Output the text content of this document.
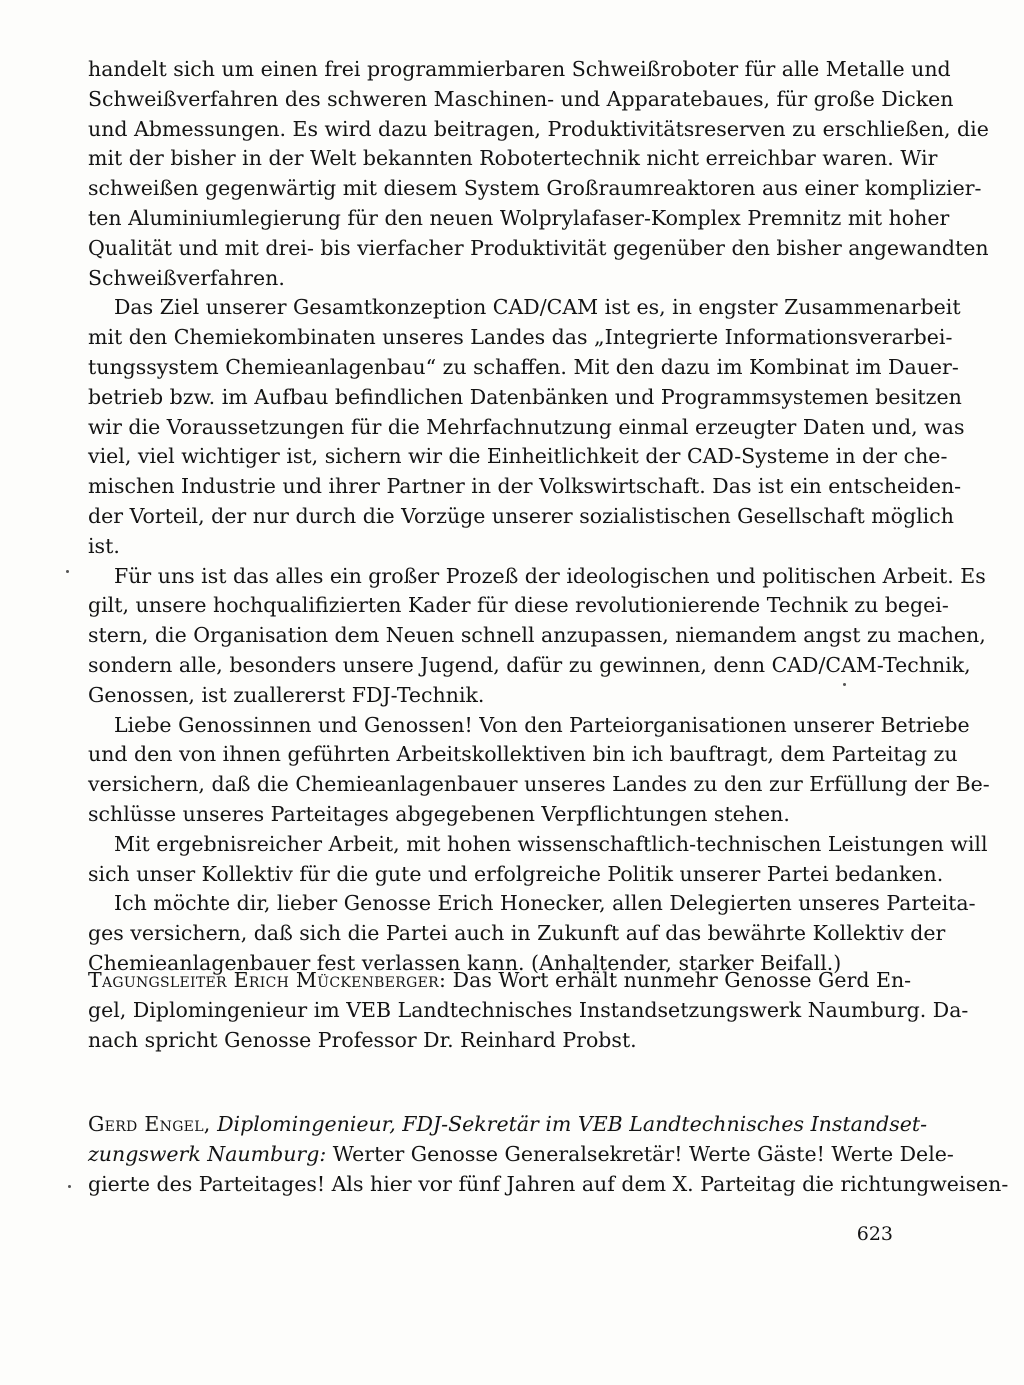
handelt sich um einen frei programmierbaren Schweißroboter für alle Metalle und
Schweißverfahren des schweren Maschinen- und Apparatebaues, für große Dicken
und Abmessungen. Es wird dazu beitragen, Produktivitätsreserven zu erschließen, die
mit der bisher in der Welt bekannten Robotertechnik nicht erreichbar waren. Wir
schweißen gegenwärtig mit diesem System Großraumreaktoren aus einer komplizier-
ten Aluminiumlegierung für den neuen Wolprylafaser-Komplex Premnitz mit hoher
Qualität und mit drei- bis vierfacher Produktivität gegenüber den bisher angewandten
Schweißverfahren.
Das Ziel unserer Gesamtkonzeption CAD/CAM ist es, in engster Zusammenarbeit
mit den Chemiekombinaten unseres Landes das „Integrierte Informationsverarbei-
tungssystem Chemieanlagenbau“ zu schaffen. Mit den dazu im Kombinat im Dauer-
betrieb bzw. im Aufbau befindlichen Datenbänken und Programmsystemen besitzen
wir die Voraussetzungen für die Mehrfachnutzung einmal erzeugter Daten und, was
viel, viel wichtiger ist, sichern wir die Einheitlichkeit der CAD-Systeme in der che-
mischen Industrie und ihrer Partner in der Volkswirtschaft. Das ist ein entscheiden-
der Vorteil, der nur durch die Vorzüge unserer sozialistischen Gesellschaft möglich
ist.
Für uns ist das alles ein großer Prozeß der ideologischen und politischen Arbeit. Es
gilt, unsere hochqualifizierten Kader für diese revolutionierende Technik zu begei-
stern, die Organisation dem Neuen schnell anzupassen, niemandem angst zu machen,
sondern alle, besonders unsere Jugend, dafür zu gewinnen, denn CAD/CAM-Technik,
Genossen, ist zuallererst FDJ-Technik.
Liebe Genossinnen und Genossen! Von den Parteiorganisationen unserer Betriebe
und den von ihnen geführten Arbeitskollektiven bin ich bauftragt, dem Parteitag zu
versichern, daß die Chemieanlagenbauer unseres Landes zu den zur Erfüllung der Be-
schlüsse unseres Parteitages abgegebenen Verpflichtungen stehen.
Mit ergebnisreicher Arbeit, mit hohen wissenschaftlich-technischen Leistungen will
sich unser Kollektiv für die gute und erfolgreiche Politik unserer Partei bedanken.
Ich möchte dir, lieber Genosse Erich Honecker, allen Delegierten unseres Parteita-
ges versichern, daß sich die Partei auch in Zukunft auf das bewährte Kollektiv der
Chemieanlagenbauer fest verlassen kann. (Anhaltender, starker Beifall.)
Tagungsleiter Erich Mückenberger: Das Wort erhält nunmehr Genosse Gerd En-
gel, Diplomingenieur im VEB Landtechnisches Instandsetzungswerk Naumburg. Da-
nach spricht Genosse Professor Dr. Reinhard Probst.
Gerd Engel, Diplomingenieur, FDJ-Sekretär im VEB Landtechnisches Instandset-
zungswerk Naumburg: Werter Genosse Generalsekretär! Werte Gäste! Werte Dele-
gierte des Parteitages! Als hier vor fünf Jahren auf dem X. Parteitag die richtungweisen-
623
